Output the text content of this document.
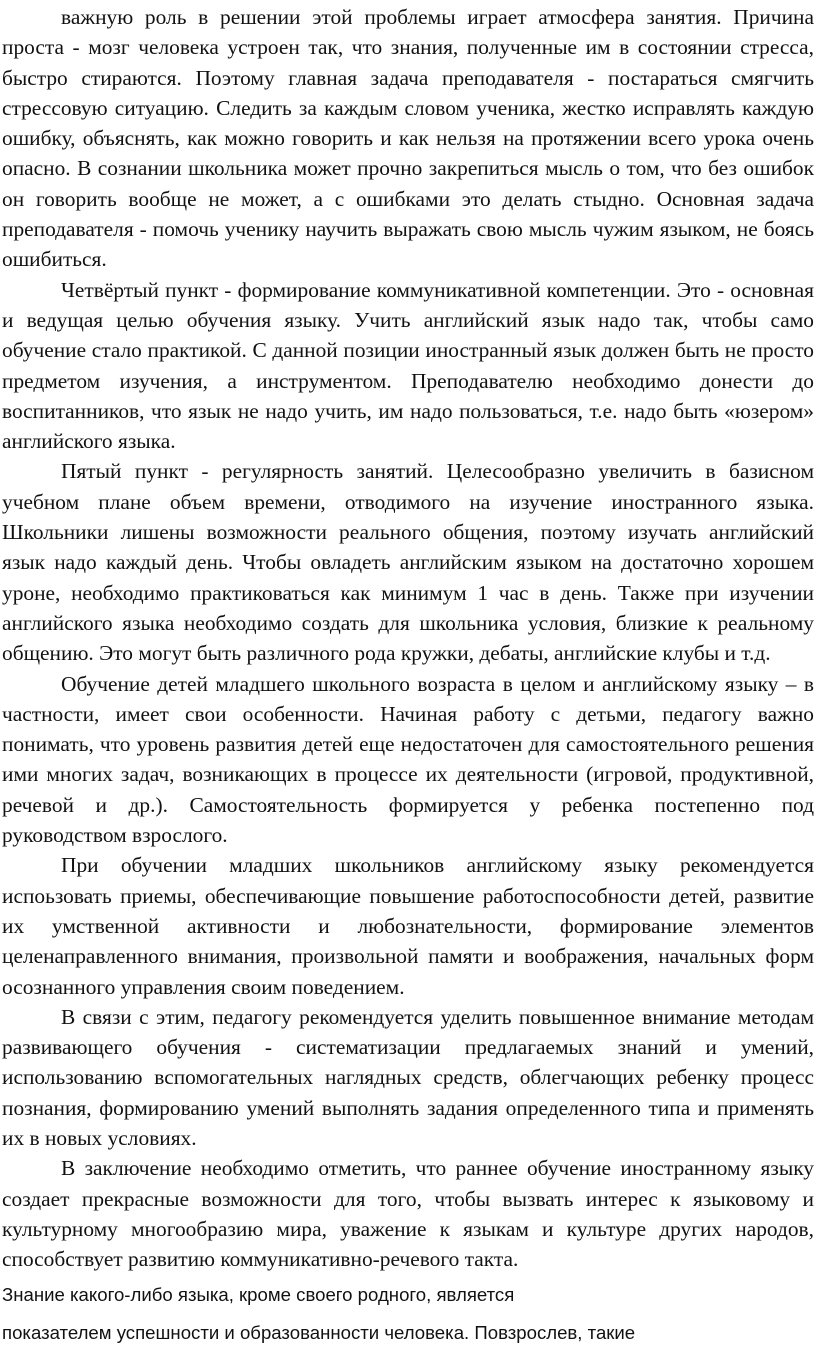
важную роль в решении этой проблемы играет атмосфера занятия. Причина проста - мозг человека устроен так, что знания, полученные им в состоянии стресса, быстро стираются. Поэтому главная задача преподавателя - постараться смягчить стрессовую ситуацию. Следить за каждым словом ученика, жестко исправлять каждую ошибку, объяснять, как можно говорить и как нельзя на протяжении всего урока очень опасно. В сознании школьника может прочно закрепиться мысль о том, что без ошибок он говорить вообще не может, а с ошибками это делать стыдно. Основная задача преподавателя - помочь ученику научить выражать свою мысль чужим языком, не боясь ошибиться.

Четвёртый пункт - формирование коммуникативной компетенции. Это - основная и ведущая целью обучения языку. Учить английский язык надо так, чтобы само обучение стало практикой. С данной позиции иностранный язык должен быть не просто предметом изучения, а инструментом. Преподавателю необходимо донести до воспитанников, что язык не надо учить, им надо пользоваться, т.е. надо быть «юзером» английского языка.

Пятый пункт - регулярность занятий. Целесообразно увеличить в базисном учебном плане объем времени, отводимого на изучение иностранного языка. Школьники лишены возможности реального общения, поэтому изучать английский язык надо каждый день. Чтобы овладеть английским языком на достаточно хорошем уроне, необходимо практиковаться как минимум 1 час в день. Также при изучении английского языка необходимо создать для школьника условия, близкие к реальному общению. Это могут быть различного рода кружки, дебаты, английские клубы и т.д.

Обучение детей младшего школьного возраста в целом и английскому языку – в частности, имеет свои особенности. Начиная работу с детьми, педагогу важно понимать, что уровень развития детей еще недостаточен для самостоятельного решения ими многих задач, возникающих в процессе их деятельности (игровой, продуктивной, речевой и др.). Самостоятельность формируется у ребенка постепенно под руководством взрослого.

При обучении младших школьников английскому языку рекомендуется испоьзовать приемы, обеспечивающие повышение работоспособности детей, развитие их умственной активности и любознательности, формирование элементов целенаправленного внимания, произвольной памяти и воображения, начальных форм осознанного управления своим поведением.

В связи с этим, педагогу рекомендуется уделить повышенное внимание методам развивающего обучения - систематизации предлагаемых знаний и умений, использованию вспомогательных наглядных средств, облегчающих ребенку процесс познания, формированию умений выполнять задания определенного типа и применять их в новых условиях.

В заключение необходимо отметить, что раннее обучение иностранному языку создает прекрасные возможности для того, чтобы вызвать интерес к языковому и культурному многообразию мира, уважение к языкам и культуре других народов, способствует развитию коммуникативно-речевого такта.

Знание какого-либо языка, кроме своего родного, является
показателем успешности и образованности человека. Повзрослев, такие
